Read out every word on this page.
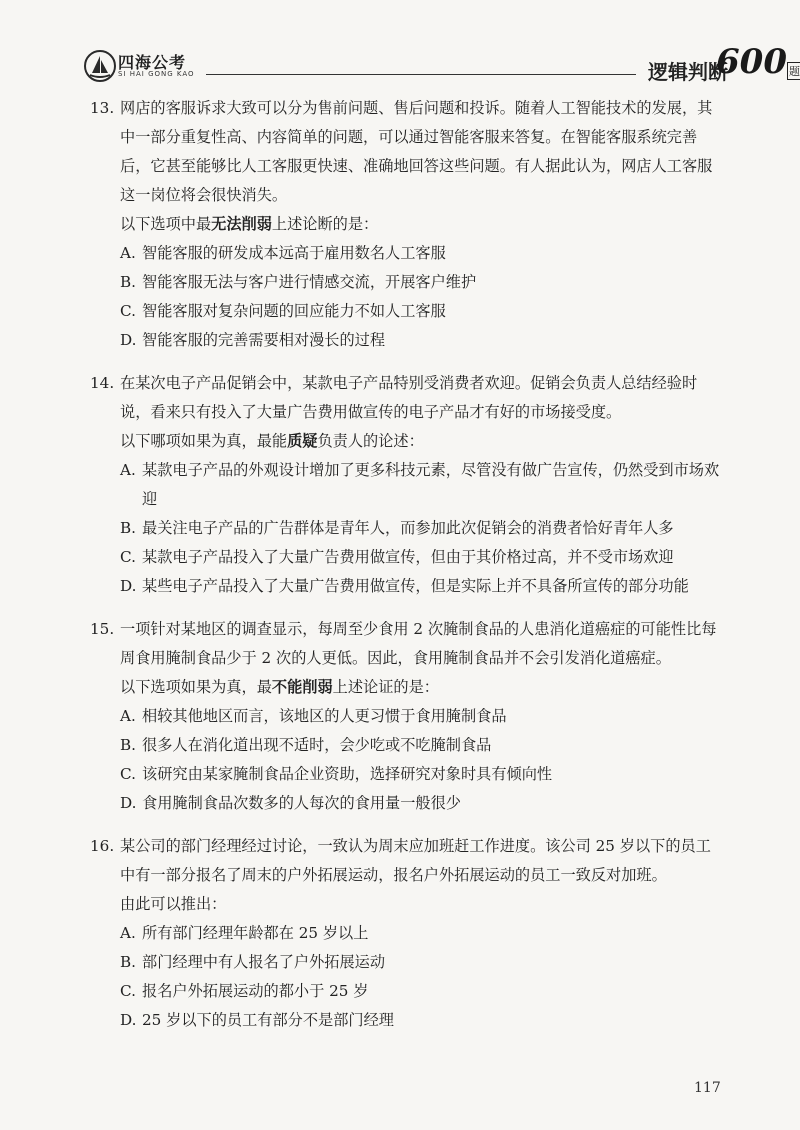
四海公考
SI HAI GONG KAO	逻辑判断
600 题
13. 网店的客服诉求大致可以分为售前问题、售后问题和投诉。随着人工智能技术的发展，其中一部分重复性高、内容简单的问题，可以通过智能客服来答复。在智能客服系统完善后，它甚至能够比人工客服更快速、准确地回答这些问题。有人据此认为，网店人工客服这一岗位将会很快消失。
以下选项中最无法削弱上述论断的是：
A. 智能客服的研发成本远高于雇用数名人工客服
B. 智能客服无法与客户进行情感交流，开展客户维护
C. 智能客服对复杂问题的回应能力不如人工客服
D. 智能客服的完善需要相对漫长的过程
14. 在某次电子产品促销会中，某款电子产品特别受消费者欢迎。促销会负责人总结经验时说，看来只有投入了大量广告费用做宣传的电子产品才有好的市场接受度。
以下哪项如果为真，最能质疑负责人的论述：
A. 某款电子产品的外观设计增加了更多科技元素，尽管没有做广告宣传，仍然受到市场欢迎
B. 最关注电子产品的广告群体是青年人，而参加此次促销会的消费者恰好青年人多
C. 某款电子产品投入了大量广告费用做宣传，但由于其价格过高，并不受市场欢迎
D. 某些电子产品投入了大量广告费用做宣传，但是实际上并不具备所宣传的部分功能
15. 一项针对某地区的调查显示，每周至少食用 2 次腌制食品的人患消化道癌症的可能性比每周食用腌制食品少于 2 次的人更低。因此，食用腌制食品并不会引发消化道癌症。
以下选项如果为真，最不能削弱上述论证的是：
A. 相较其他地区而言，该地区的人更习惯于食用腌制食品
B. 很多人在消化道出现不适时，会少吃或不吃腌制食品
C. 该研究由某家腌制食品企业资助，选择研究对象时具有倾向性
D. 食用腌制食品次数多的人每次的食用量一般很少
16. 某公司的部门经理经过讨论，一致认为周末应加班赶工作进度。该公司 25 岁以下的员工中有一部分报名了周末的户外拓展运动，报名户外拓展运动的员工一致反对加班。
由此可以推出：
A. 所有部门经理年龄都在 25 岁以上
B. 部门经理中有人报名了户外拓展运动
C. 报名户外拓展运动的都小于 25 岁
D. 25 岁以下的员工有部分不是部门经理
117
